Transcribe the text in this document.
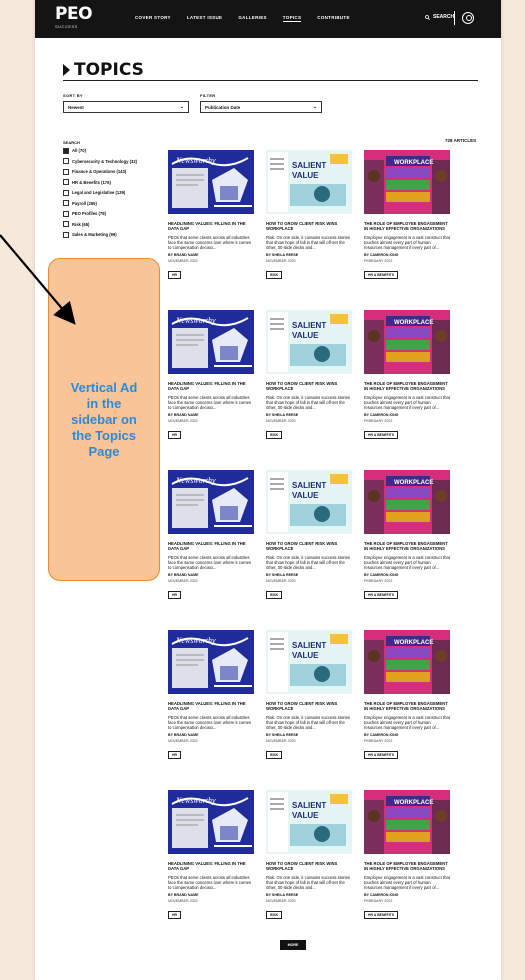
PEO
SUCCESS
COVER STORY	LATEST ISSUE	GALLERIES	TOPICS	CONTRIBUTE	SEARCH
TOPICS
SORT BY
Newest	⌄
FILTER
Publication Date	⌄
SEARCH
All (70)
Cybersecurity & Technology (32)
Finance & Operations (143)
HR & Benefits (176)
Legal and Legislative (139)
Payroll (255)
PEO Profiles (79)
Risk (65)
Sales & Marketing (99)
728 ARTICLES
Newsworthy
HEADLINING VALUES: FILLING IN THE DATA GAP
PEOs that serve clients across all industries face the same concerns over where it comes to compensation decisio...
BY BRAND NAME
NOVEMBER 2023
HR
SALIENT
VALUE
HOW TO GROW CLIENT RISK WINS WORKPLACE
Risk: On one side, it contains success stories that show hope of fall in that will off-set the other, 30 slide decks and...
BY SHEILA REESE
NOVEMBER 2023
RISK
WORKPLACE
THE ROLE OF EMPLOYEE ENGAGEMENT IN HIGHLY EFFECTIVE ORGANIZATIONS
Employee engagement is a vast construct that touches almost every part of human resources management if every part of...
BY CAMERON KING
FEBRUARY 2023
HR & BENEFITS
Newsworthy
HEADLINING VALUES: FILLING IN THE DATA GAP
PEOs that serve clients across all industries face the same concerns over where it comes to compensation decisio...
BY BRAND NAME
NOVEMBER 2023
HR
SALIENT
VALUE
HOW TO GROW CLIENT RISK WINS WORKPLACE
Risk: On one side, it contains success stories that show hope of fall in that will off-set the other, 30 slide decks and...
BY SHEILA REESE
NOVEMBER 2023
RISK
WORKPLACE
THE ROLE OF EMPLOYEE ENGAGEMENT IN HIGHLY EFFECTIVE ORGANIZATIONS
Employee engagement is a vast construct that touches almost every part of human resources management if every part of...
BY CAMERON KING
FEBRUARY 2023
HR & BENEFITS
Newsworthy
HEADLINING VALUES: FILLING IN THE DATA GAP
PEOs that serve clients across all industries face the same concerns over where it comes to compensation decisio...
BY BRAND NAME
NOVEMBER 2023
HR
SALIENT
VALUE
HOW TO GROW CLIENT RISK WINS WORKPLACE
Risk: On one side, it contains success stories that show hope of fall in that will off-set the other, 30 slide decks and...
BY SHEILA REESE
NOVEMBER 2023
RISK
WORKPLACE
THE ROLE OF EMPLOYEE ENGAGEMENT IN HIGHLY EFFECTIVE ORGANIZATIONS
Employee engagement is a vast construct that touches almost every part of human resources management if every part of...
BY CAMERON KING
FEBRUARY 2023
HR & BENEFITS
Newsworthy
HEADLINING VALUES: FILLING IN THE DATA GAP
PEOs that serve clients across all industries face the same concerns over where it comes to compensation decisio...
BY BRAND NAME
NOVEMBER 2023
HR
SALIENT
VALUE
HOW TO GROW CLIENT RISK WINS WORKPLACE
Risk: On one side, it contains success stories that show hope of fall in that will off-set the other, 30 slide decks and...
BY SHEILA REESE
NOVEMBER 2023
RISK
WORKPLACE
THE ROLE OF EMPLOYEE ENGAGEMENT IN HIGHLY EFFECTIVE ORGANIZATIONS
Employee engagement is a vast construct that touches almost every part of human resources management if every part of...
BY CAMERON KING
FEBRUARY 2023
HR & BENEFITS
Newsworthy
HEADLINING VALUES: FILLING IN THE DATA GAP
PEOs that serve clients across all industries face the same concerns over where it comes to compensation decisio...
BY BRAND NAME
NOVEMBER 2023
HR
SALIENT
VALUE
HOW TO GROW CLIENT RISK WINS WORKPLACE
Risk: On one side, it contains success stories that show hope of fall in that will off-set the other, 30 slide decks and...
BY SHEILA REESE
NOVEMBER 2023
RISK
WORKPLACE
THE ROLE OF EMPLOYEE ENGAGEMENT IN HIGHLY EFFECTIVE ORGANIZATIONS
Employee engagement is a vast construct that touches almost every part of human resources management if every part of...
BY CAMERON KING
FEBRUARY 2023
HR & BENEFITS
MORE
Vertical Ad in the sidebar on the Topics Page
